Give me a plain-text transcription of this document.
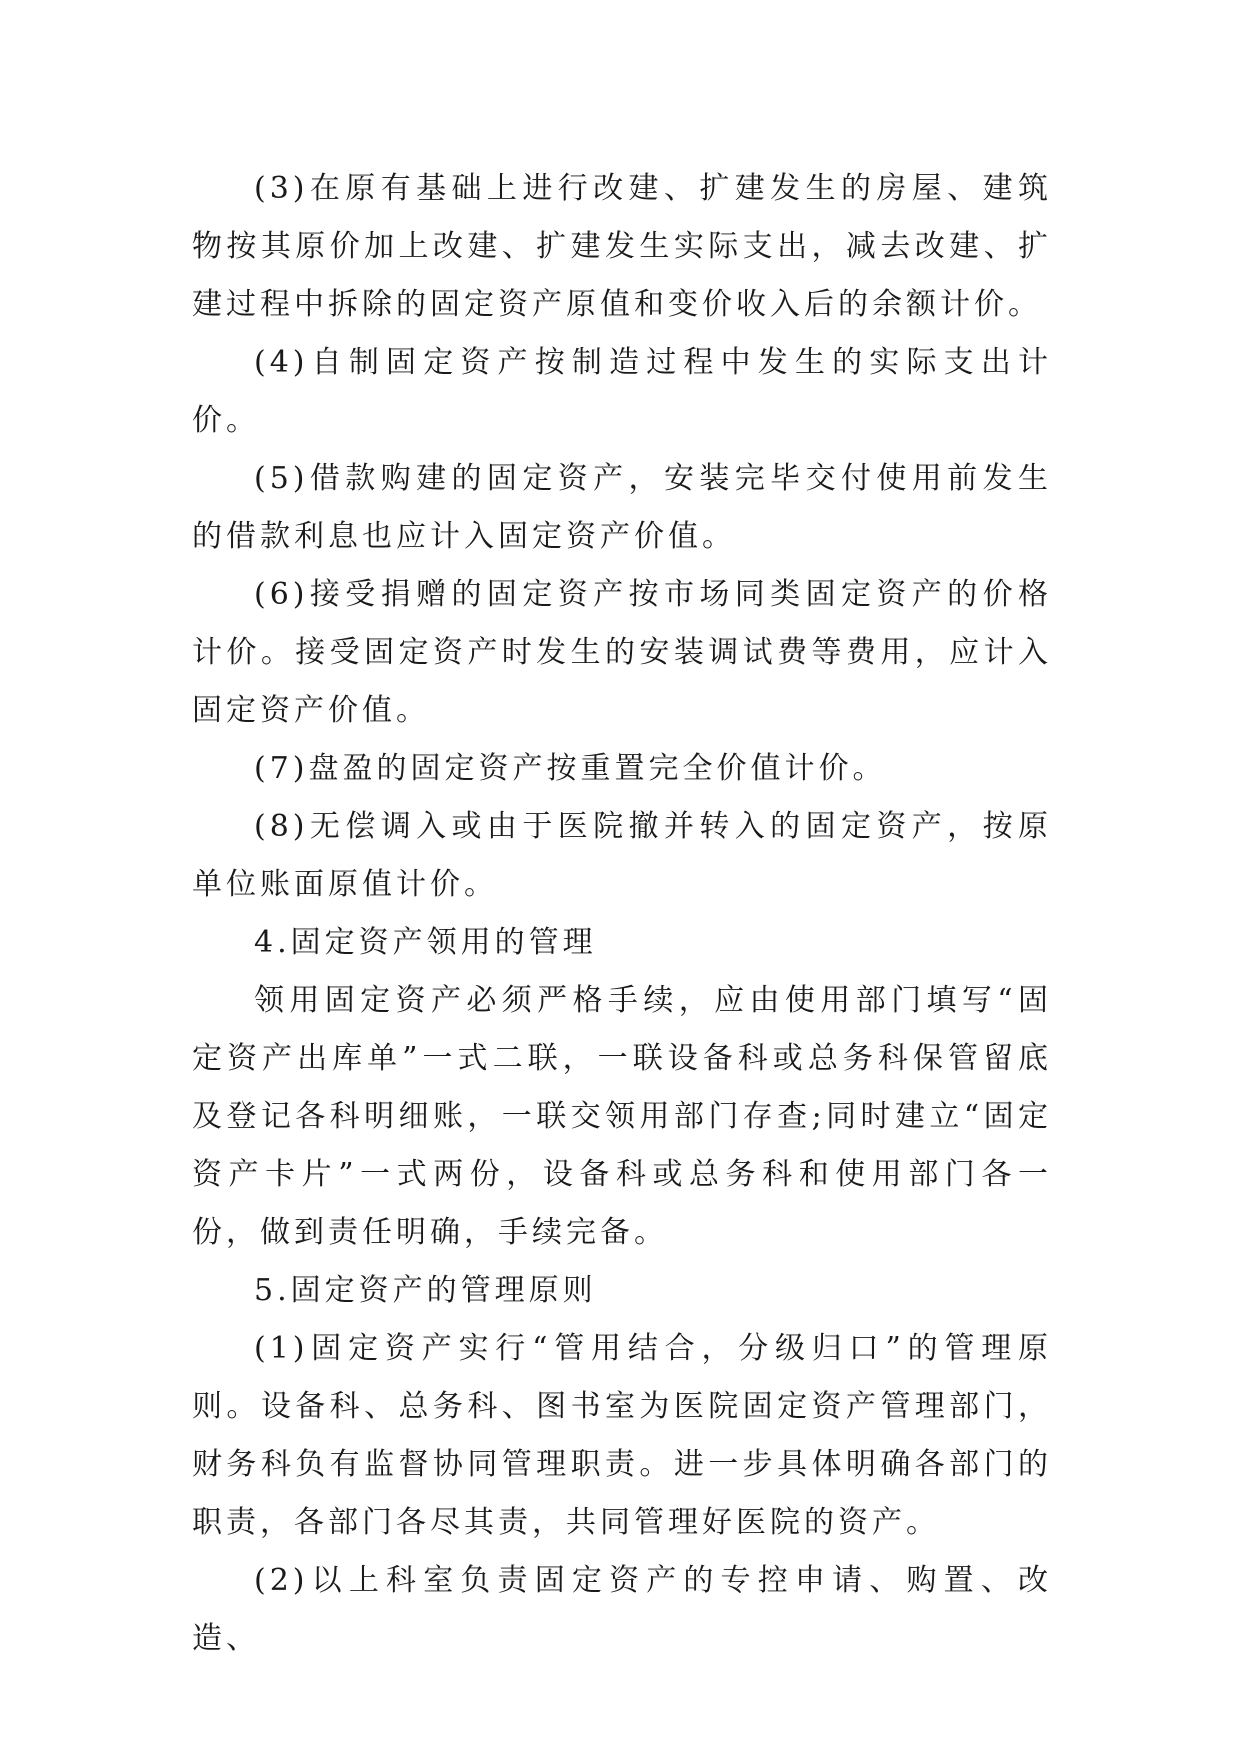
(3)在原有基础上进行改建、扩建发生的房屋、建筑物按其原价加上改建、扩建发生实际支出，减去改建、扩建过程中拆除的固定资产原值和变价收入后的余额计价。

(4)自制固定资产按制造过程中发生的实际支出计价。

(5)借款购建的固定资产，安装完毕交付使用前发生的借款利息也应计入固定资产价值。

(6)接受捐赠的固定资产按市场同类固定资产的价格计价。接受固定资产时发生的安装调试费等费用，应计入固定资产价值。

(7)盘盈的固定资产按重置完全价值计价。

(8)无偿调入或由于医院撤并转入的固定资产，按原单位账面原值计价。

4.固定资产领用的管理

领用固定资产必须严格手续，应由使用部门填写“固定资产出库单”一式二联，一联设备科或总务科保管留底及登记各科明细账，一联交领用部门存查;同时建立“固定资产卡片”一式两份，设备科或总务科和使用部门各一份，做到责任明确，手续完备。

5.固定资产的管理原则

(1)固定资产实行“管用结合，分级归口”的管理原则。设备科、总务科、图书室为医院固定资产管理部门，财务科负有监督协同管理职责。进一步具体明确各部门的职责，各部门各尽其责，共同管理好医院的资产。

(2)以上科室负责固定资产的专控申请、购置、改造、
